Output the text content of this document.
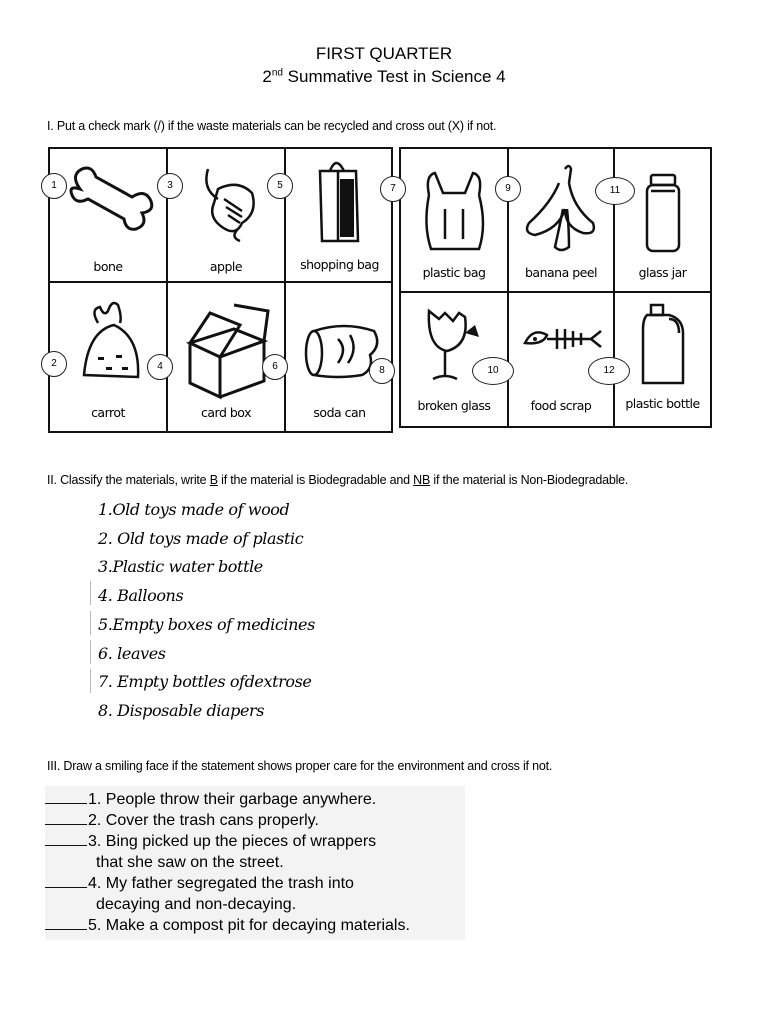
FIRST QUARTER
2nd Summative Test in Science 4
I. Put a check mark (/) if the waste materials can be recycled and cross out (X) if not.
bone	apple	shopping bag
carrot	card box	soda can
plastic bag	banana peel	glass jar
broken glass	food scrap	plastic bottle
1	3	5	7	9	11
2	4	6	8	10	12
II. Classify the materials, write B if the material is Biodegradable and NB if the material is Non-Biodegradable.
1.Old toys made of wood
2. Old toys made of plastic
3.Plastic water bottle
4. Balloons
5.Empty boxes of medicines
6. leaves
7. Empty bottles ofdextrose
8. Disposable diapers
III. Draw a smiling face if the statement shows proper care for the environment and cross if not.
1. People throw their garbage anywhere.
2. Cover the trash cans properly.
3. Bing picked up the pieces of wrappers
that she saw on the street.
4. My father segregated the trash into
decaying and non-decaying.
5. Make a compost pit for decaying materials.
